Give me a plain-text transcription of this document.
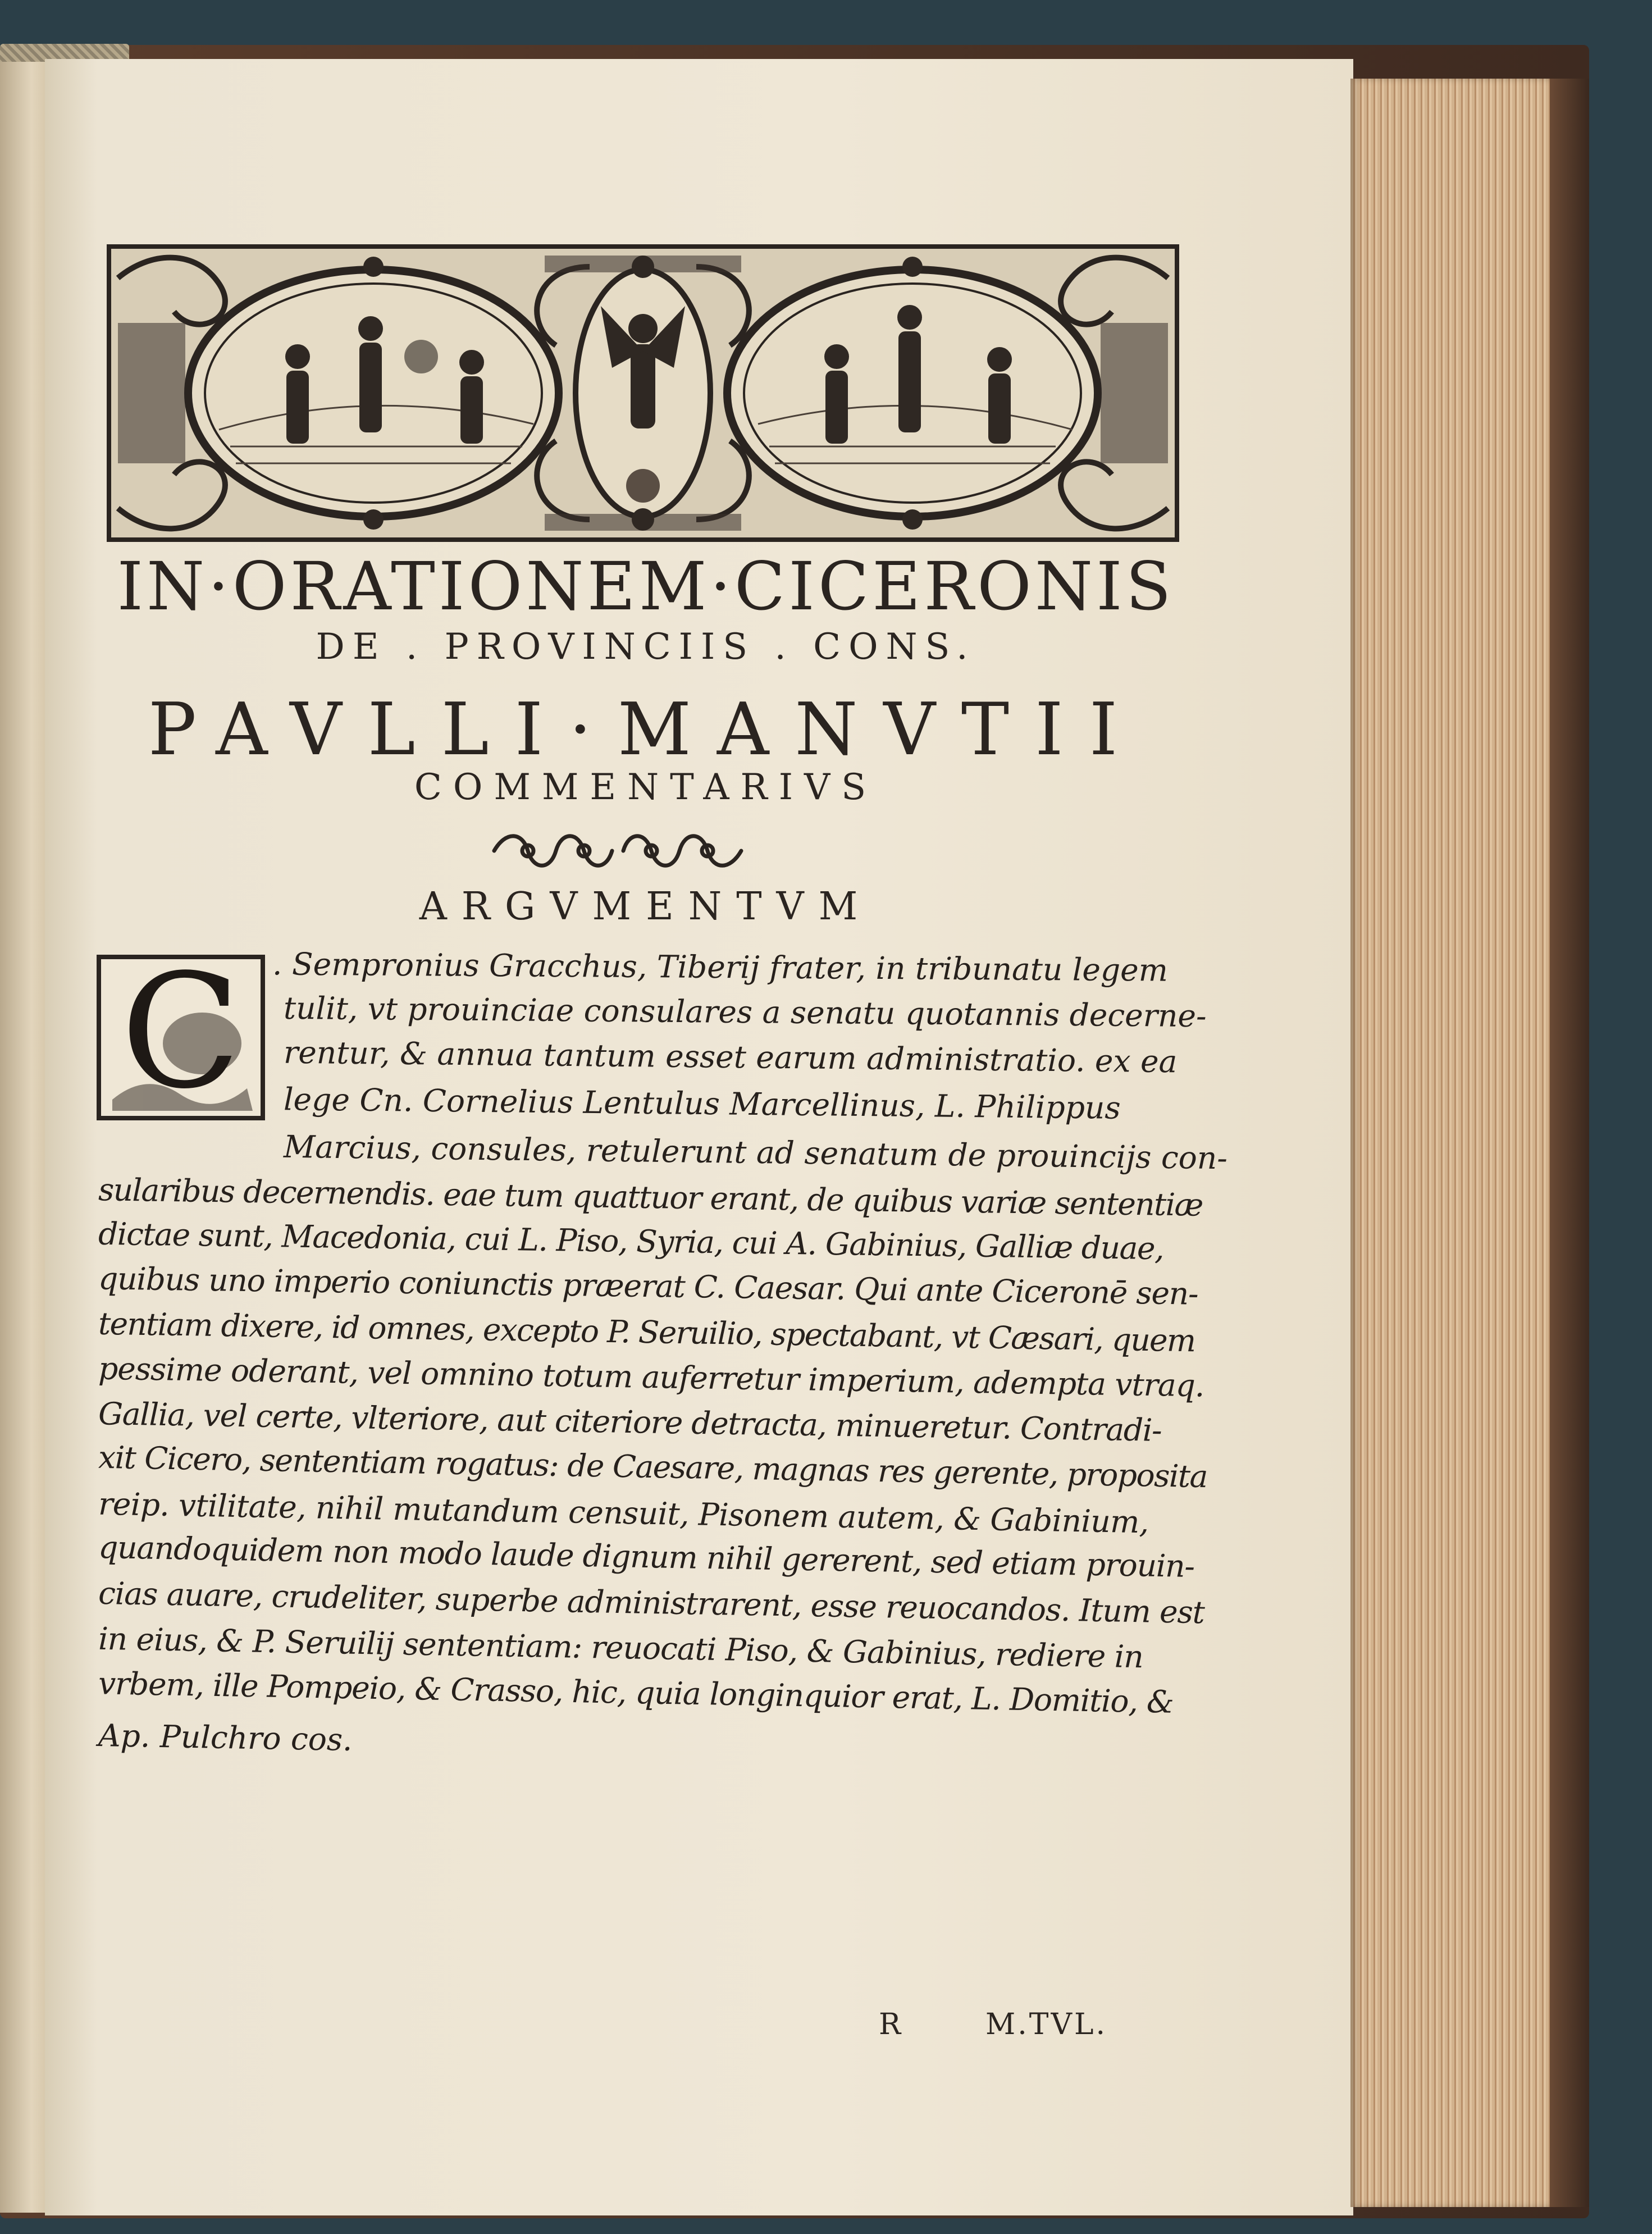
IN·ORATIONEM·CICERONIS
DE . PROVINCIIS . CONS.
PAVLLI·MANVTII
COMMENTARIVS
ARGVMENTVM
C	. Sempronius Gracchus, Tiberij frater, in tribunatu legem
tulit, vt prouinciae consulares a senatu quotannis decerne-
rentur, & annua tantum esset earum administratio. ex ea
lege Cn. Cornelius Lentulus Marcellinus, L. Philippus
Marcius, consules, retulerunt ad senatum de prouincijs con-
sularibus decernendis. eae tum quattuor erant, de quibus variæ sententiæ
dictae sunt, Macedonia, cui L. Piso, Syria, cui A. Gabinius, Galliæ duae,
quibus uno imperio coniunctis præerat C. Caesar. Qui ante Ciceronē sen-
tentiam dixere, id omnes, excepto P. Seruilio, spectabant, vt Cæsari, quem
pessime oderant, vel omnino totum auferretur imperium, adempta vtraq.
Gallia, vel certe, vlteriore, aut citeriore detracta, minueretur. Contradi-
xit Cicero, sententiam rogatus: de Caesare, magnas res gerente, proposita
reip. vtilitate, nihil mutandum censuit, Pisonem autem, & Gabinium,
quandoquidem non modo laude dignum nihil gererent, sed etiam prouin-
cias auare, crudeliter, superbe administrarent, esse reuocandos. Itum est
in eius, & P. Seruilij sententiam: reuocati Piso, & Gabinius, rediere in
vrbem, ille Pompeio, & Crasso, hic, quia longinquior erat, L. Domitio, &
Ap. Pulchro cos.
R	M.TVL.
